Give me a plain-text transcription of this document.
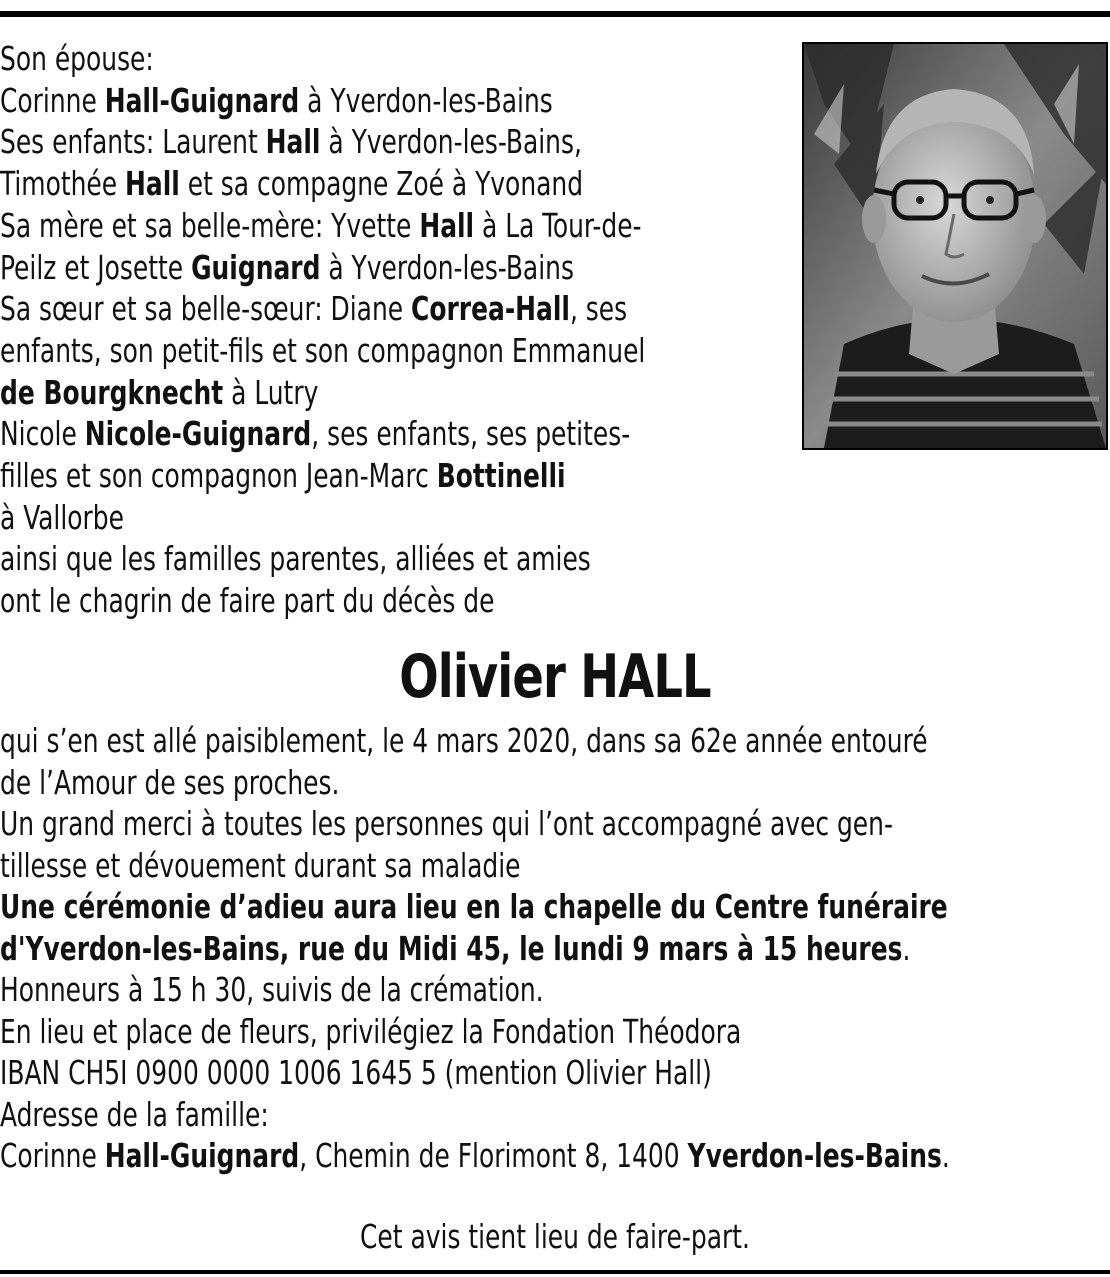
Son épouse:
Corinne Hall-Guignard à Yverdon-les-Bains
Ses enfants: Laurent Hall à Yverdon-les-Bains,
Timothée Hall et sa compagne Zoé à Yvonand
Sa mère et sa belle-mère: Yvette Hall à La Tour-de-
Peilz et Josette Guignard à Yverdon-les-Bains
Sa sœur et sa belle-sœur: Diane Correa-Hall, ses
enfants, son petit-fils et son compagnon Emmanuel
de Bourgknecht à Lutry
Nicole Nicole-Guignard, ses enfants, ses petites-
filles et son compagnon Jean-Marc Bottinelli
à Vallorbe
ainsi que les familles parentes, alliées et amies
ont le chagrin de faire part du décès de
Olivier HALL
qui s’en est allé paisiblement, le 4 mars 2020, dans sa 62e année entouré
de l’Amour de ses proches.
Un grand merci à toutes les personnes qui l’ont accompagné avec gen-
tillesse et dévouement durant sa maladie
Une cérémonie d’adieu aura lieu en la chapelle du Centre funéraire
d'Yverdon-les-Bains, rue du Midi 45, le lundi 9 mars à 15 heures.
Honneurs à 15 h 30, suivis de la crémation.
En lieu et place de fleurs, privilégiez la Fondation Théodora
IBAN CH5I 0900 0000 1006 1645 5 (mention Olivier Hall)
Adresse de la famille:
Corinne Hall-Guignard, Chemin de Florimont 8, 1400 Yverdon-les-Bains.
Cet avis tient lieu de faire-part.
